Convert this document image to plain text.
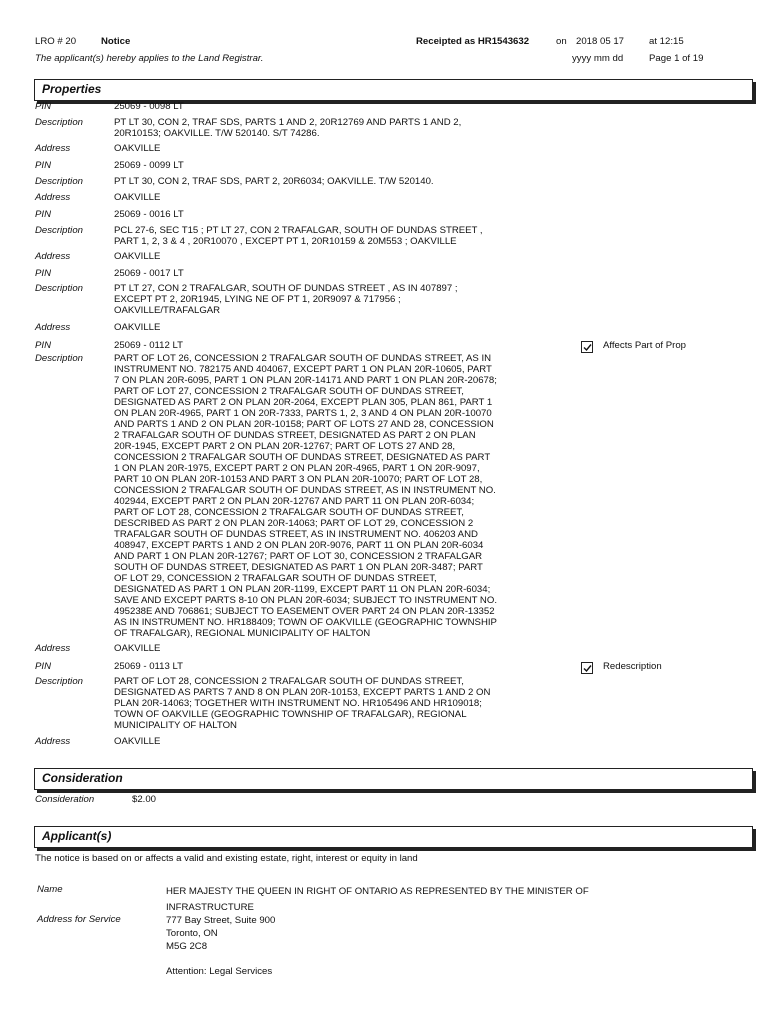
LRO # 20	Notice	Receipted as HR1543632	on 2018 05 17	at 12:15
The applicant(s) hereby applies to the Land Registrar.	yyyy mm dd	Page 1 of 19
Properties
PIN	25069 - 0098 LT
Description	PT LT 30, CON 2, TRAF SDS, PARTS 1 AND 2, 20R12769 AND PARTS 1 AND 2,
20R10153; OAKVILLE. T/W 520140. S/T 74286.
Address	OAKVILLE
PIN	25069 - 0099 LT
Description	PT LT 30, CON 2, TRAF SDS, PART 2, 20R6034; OAKVILLE. T/W 520140.
Address	OAKVILLE
PIN	25069 - 0016 LT
Description	PCL 27-6, SEC T15 ; PT LT 27, CON 2 TRAFALGAR, SOUTH OF DUNDAS STREET ,
PART 1, 2, 3 & 4 , 20R10070 , EXCEPT PT 1, 20R10159 & 20M553 ; OAKVILLE
Address	OAKVILLE
PIN	25069 - 0017 LT
Description	PT LT 27, CON 2 TRAFALGAR, SOUTH OF DUNDAS STREET , AS IN 407897 ;
EXCEPT PT 2, 20R1945, LYING NE OF PT 1, 20R9097 & 717956 ;
OAKVILLE/TRAFALGAR
Address	OAKVILLE
PIN	25069 - 0112 LT	Affects Part of Prop
Description	PART OF LOT 26, CONCESSION 2 TRAFALGAR SOUTH OF DUNDAS STREET, AS IN
INSTRUMENT NO. 782175 AND 404067, EXCEPT PART 1 ON PLAN 20R-10605, PART
7 ON PLAN 20R-6095, PART 1 ON PLAN 20R-14171 AND PART 1 ON PLAN 20R-20678;
PART OF LOT 27, CONCESSION 2 TRAFALGAR SOUTH OF DUNDAS STREET,
DESIGNATED AS PART 2 ON PLAN 20R-2064, EXCEPT PLAN 305, PLAN 861, PART 1
ON PLAN 20R-4965, PART 1 ON 20R-7333, PARTS 1, 2, 3 AND 4 ON PLAN 20R-10070
AND PARTS 1 AND 2 ON PLAN 20R-10158; PART OF LOTS 27 AND 28, CONCESSION
2 TRAFALGAR SOUTH OF DUNDAS STREET, DESIGNATED AS PART 2 ON PLAN
20R-1945, EXCEPT PART 2 ON PLAN 20R-12767; PART OF LOTS 27 AND 28,
CONCESSION 2 TRAFALGAR SOUTH OF DUNDAS STREET, DESIGNATED AS PART
1 ON PLAN 20R-1975, EXCEPT PART 2 ON PLAN 20R-4965, PART 1 ON 20R-9097,
PART 10 ON PLAN 20R-10153 AND PART 3 ON PLAN 20R-10070; PART OF LOT 28,
CONCESSION 2 TRAFALGAR SOUTH OF DUNDAS STREET, AS IN INSTRUMENT NO.
402944, EXCEPT PART 2 ON PLAN 20R-12767 AND PART 11 ON PLAN 20R-6034;
PART OF LOT 28, CONCESSION 2 TRAFALGAR SOUTH OF DUNDAS STREET,
DESCRIBED AS PART 2 ON PLAN 20R-14063; PART OF LOT 29, CONCESSION 2
TRAFALGAR SOUTH OF DUNDAS STREET, AS IN INSTRUMENT NO. 406203 AND
408947, EXCEPT PARTS 1 AND 2 ON PLAN 20R-9076, PART 11 ON PLAN 20R-6034
AND PART 1 ON PLAN 20R-12767; PART OF LOT 30, CONCESSION 2 TRAFALGAR
SOUTH OF DUNDAS STREET, DESIGNATED AS PART 1 ON PLAN 20R-3487; PART
OF LOT 29, CONCESSION 2 TRAFALGAR SOUTH OF DUNDAS STREET,
DESIGNATED AS PART 1 ON PLAN 20R-1199, EXCEPT PART 11 ON PLAN 20R-6034;
SAVE AND EXCEPT PARTS 8-10 ON PLAN 20R-6034; SUBJECT TO INSTRUMENT NO.
495238E AND 706861; SUBJECT TO EASEMENT OVER PART 24 ON PLAN 20R-13352
AS IN INSTRUMENT NO. HR188409; TOWN OF OAKVILLE (GEOGRAPHIC TOWNSHIP
OF TRAFALGAR), REGIONAL MUNICIPALITY OF HALTON
Address	OAKVILLE
PIN	25069 - 0113 LT	Redescription
Description	PART OF LOT 28, CONCESSION 2 TRAFALGAR SOUTH OF DUNDAS STREET,
DESIGNATED AS PARTS 7 AND 8 ON PLAN 20R-10153, EXCEPT PARTS 1 AND 2 ON
PLAN 20R-14063; TOGETHER WITH INSTRUMENT NO. HR105496 AND HR109018;
TOWN OF OAKVILLE (GEOGRAPHIC TOWNSHIP OF TRAFALGAR), REGIONAL
MUNICIPALITY OF HALTON
Address	OAKVILLE
Consideration
Consideration	$2.00
Applicant(s)
The notice is based on or affects a valid and existing estate, right, interest or equity in land
Name	HER MAJESTY THE QUEEN IN RIGHT OF ONTARIO AS REPRESENTED BY THE MINISTER OF
INFRASTRUCTURE
Address for Service	777 Bay Street, Suite 900
Toronto, ON
M5G 2C8
Attention: Legal Services
